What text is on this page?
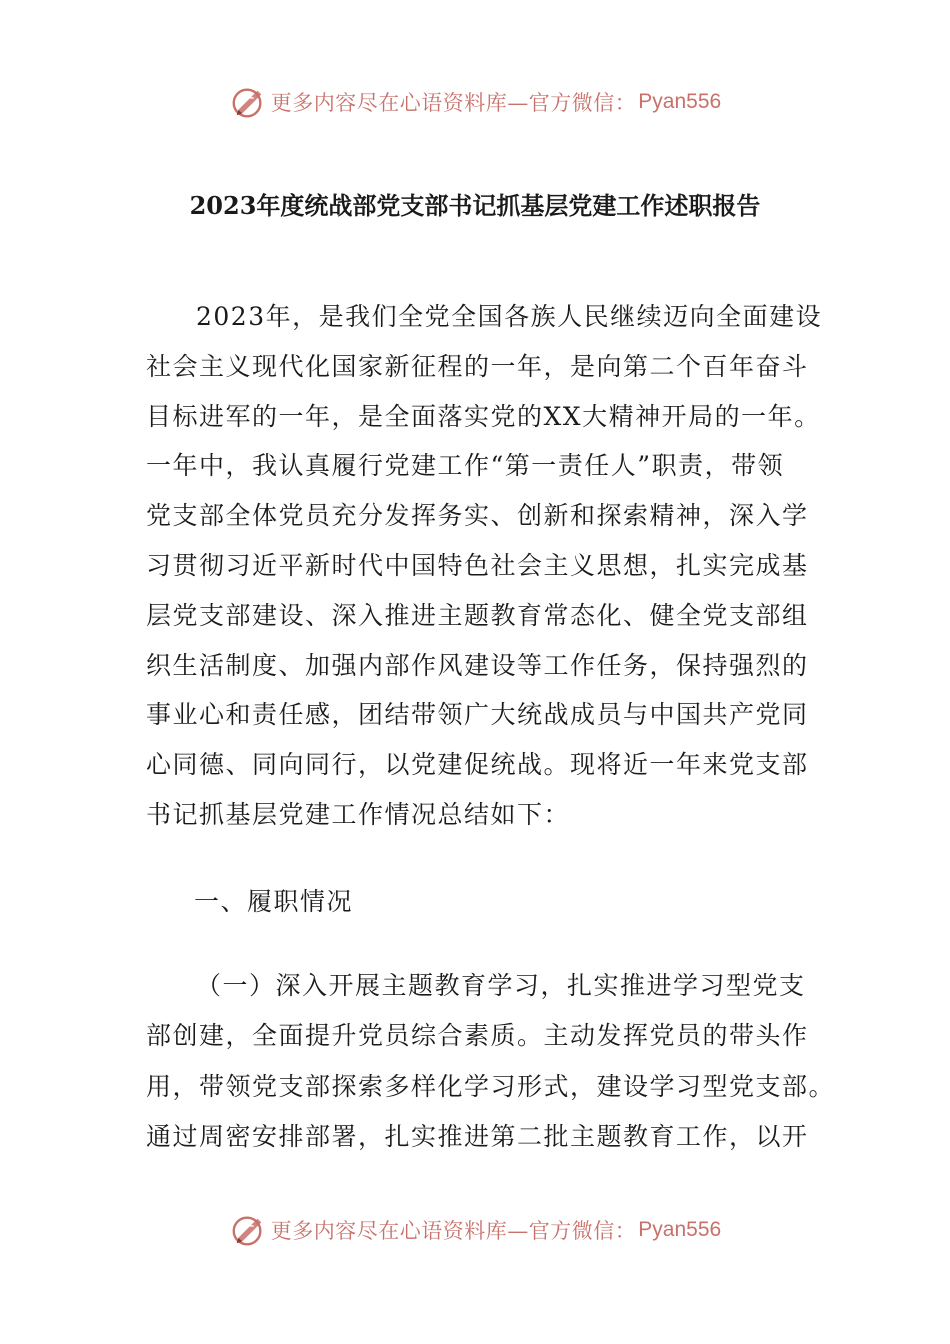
更多内容尽在心语资料库—官方微信： Pyan556
2023年度统战部党支部书记抓基层党建工作述职报告
2023年，是我们全党全国各族人民继续迈向全面建设
社会主义现代化国家新征程的一年，是向第二个百年奋斗
目标进军的一年，是全面落实党的XX大精神开局的一年。
一年中，我认真履行党建工作“第一责任人”职责，带领
党支部全体党员充分发挥务实、创新和探索精神，深入学
习贯彻习近平新时代中国特色社会主义思想，扎实完成基
层党支部建设、深入推进主题教育常态化、健全党支部组
织生活制度、加强内部作风建设等工作任务，保持强烈的
事业心和责任感，团结带领广大统战成员与中国共产党同
心同德、同向同行，以党建促统战。现将近一年来党支部
书记抓基层党建工作情况总结如下：
一、履职情况
（一）深入开展主题教育学习，扎实推进学习型党支
部创建，全面提升党员综合素质。主动发挥党员的带头作
用，带领党支部探索多样化学习形式，建设学习型党支部。
通过周密安排部署，扎实推进第二批主题教育工作，以开
更多内容尽在心语资料库—官方微信： Pyan556
